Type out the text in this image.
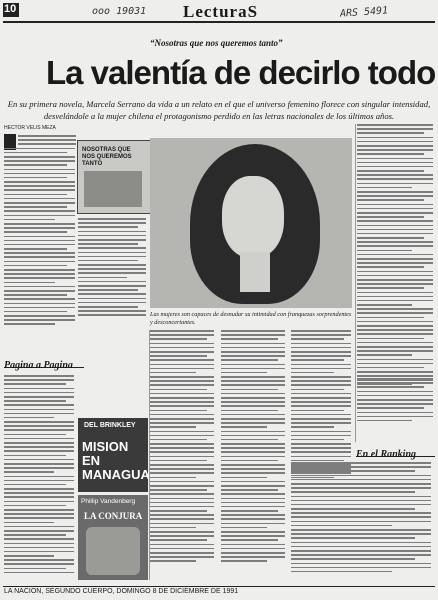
10	ooo 19031 LecturaS	ARS 5491
“Nosotras que nos queremos tanto”
La valentía de decirlo todo
En su primera novela, Marcela Serrano da vida a un relato en el que el universo femenino florece con singular intensidad, desvelándole a la mujer chilena el protagonismo perdido en las letras nacionales de los últimos años.
HECTOR VELIS MEZA
NOSOTRAS QUE NOS QUEREMOS TANTO
Las mujeres son capaces de desnudar su intimidad con franquezas sorprendentes y desconcertantes.
Pagina a Pagina
DEL BRINKLEY
MISION EN MANAGUA
Phillip Vandenberg
LA CONJURA
En el Ranking
LA NACION, SEGUNDO CUERPO, DOMINGO 8 DE DICIEMBRE DE 1991
